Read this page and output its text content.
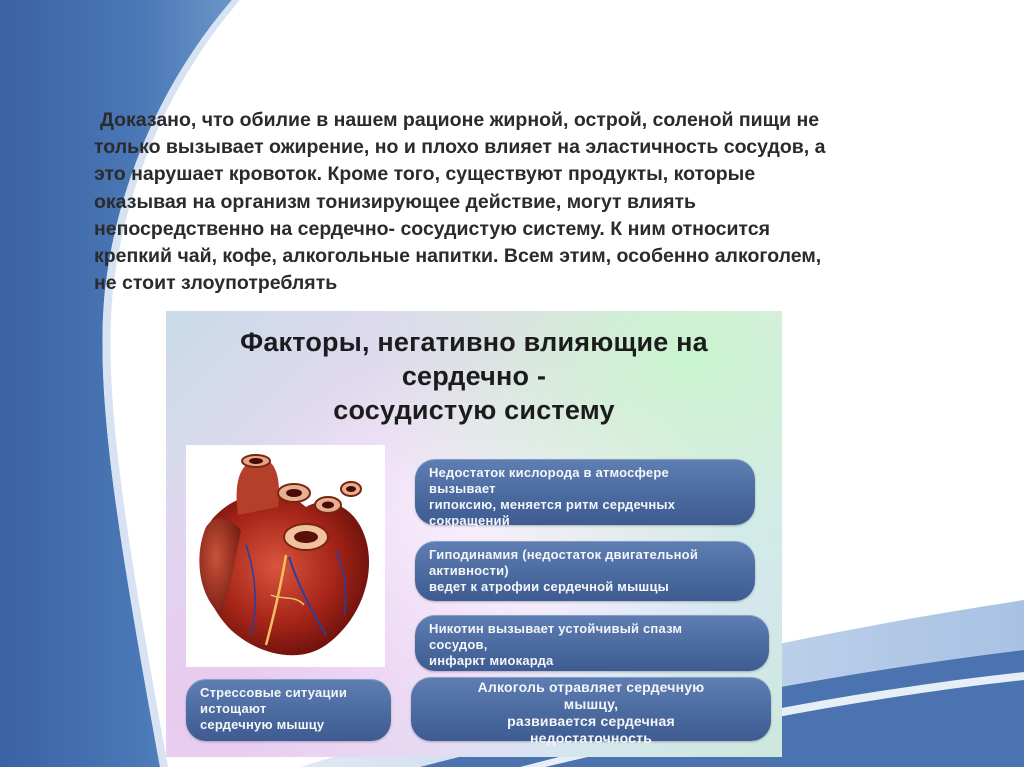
Доказано, что обилие в нашем рационе жирной, острой, соленой пищи не
только вызывает ожирение, но и плохо влияет на эластичность сосудов, а
это нарушает кровоток. Кроме того, существуют продукты, которые
оказывая на организм тонизирующее действие, могут влиять
непосредственно на сердечно- сосудистую систему. К ним относится
крепкий чай, кофе, алкогольные напитки. Всем этим, особенно алкоголем,
не стоит злоупотреблять

Факторы, негативно влияющие на
сердечно -
сосудистую систему
Недостаток кислорода в атмосфере
вызывает
гипоксию, меняется ритм сердечных
сокращений
Гиподинамия (недостаток двигательной
активности)
ведет к атрофии сердечной мышцы
Никотин вызывает устойчивый спазм
сосудов,
инфаркт миокарда
Стрессовые ситуации
истощают
сердечную мышцу
Алкоголь отравляет сердечную
мышцу,
развивается сердечная
недостаточность
